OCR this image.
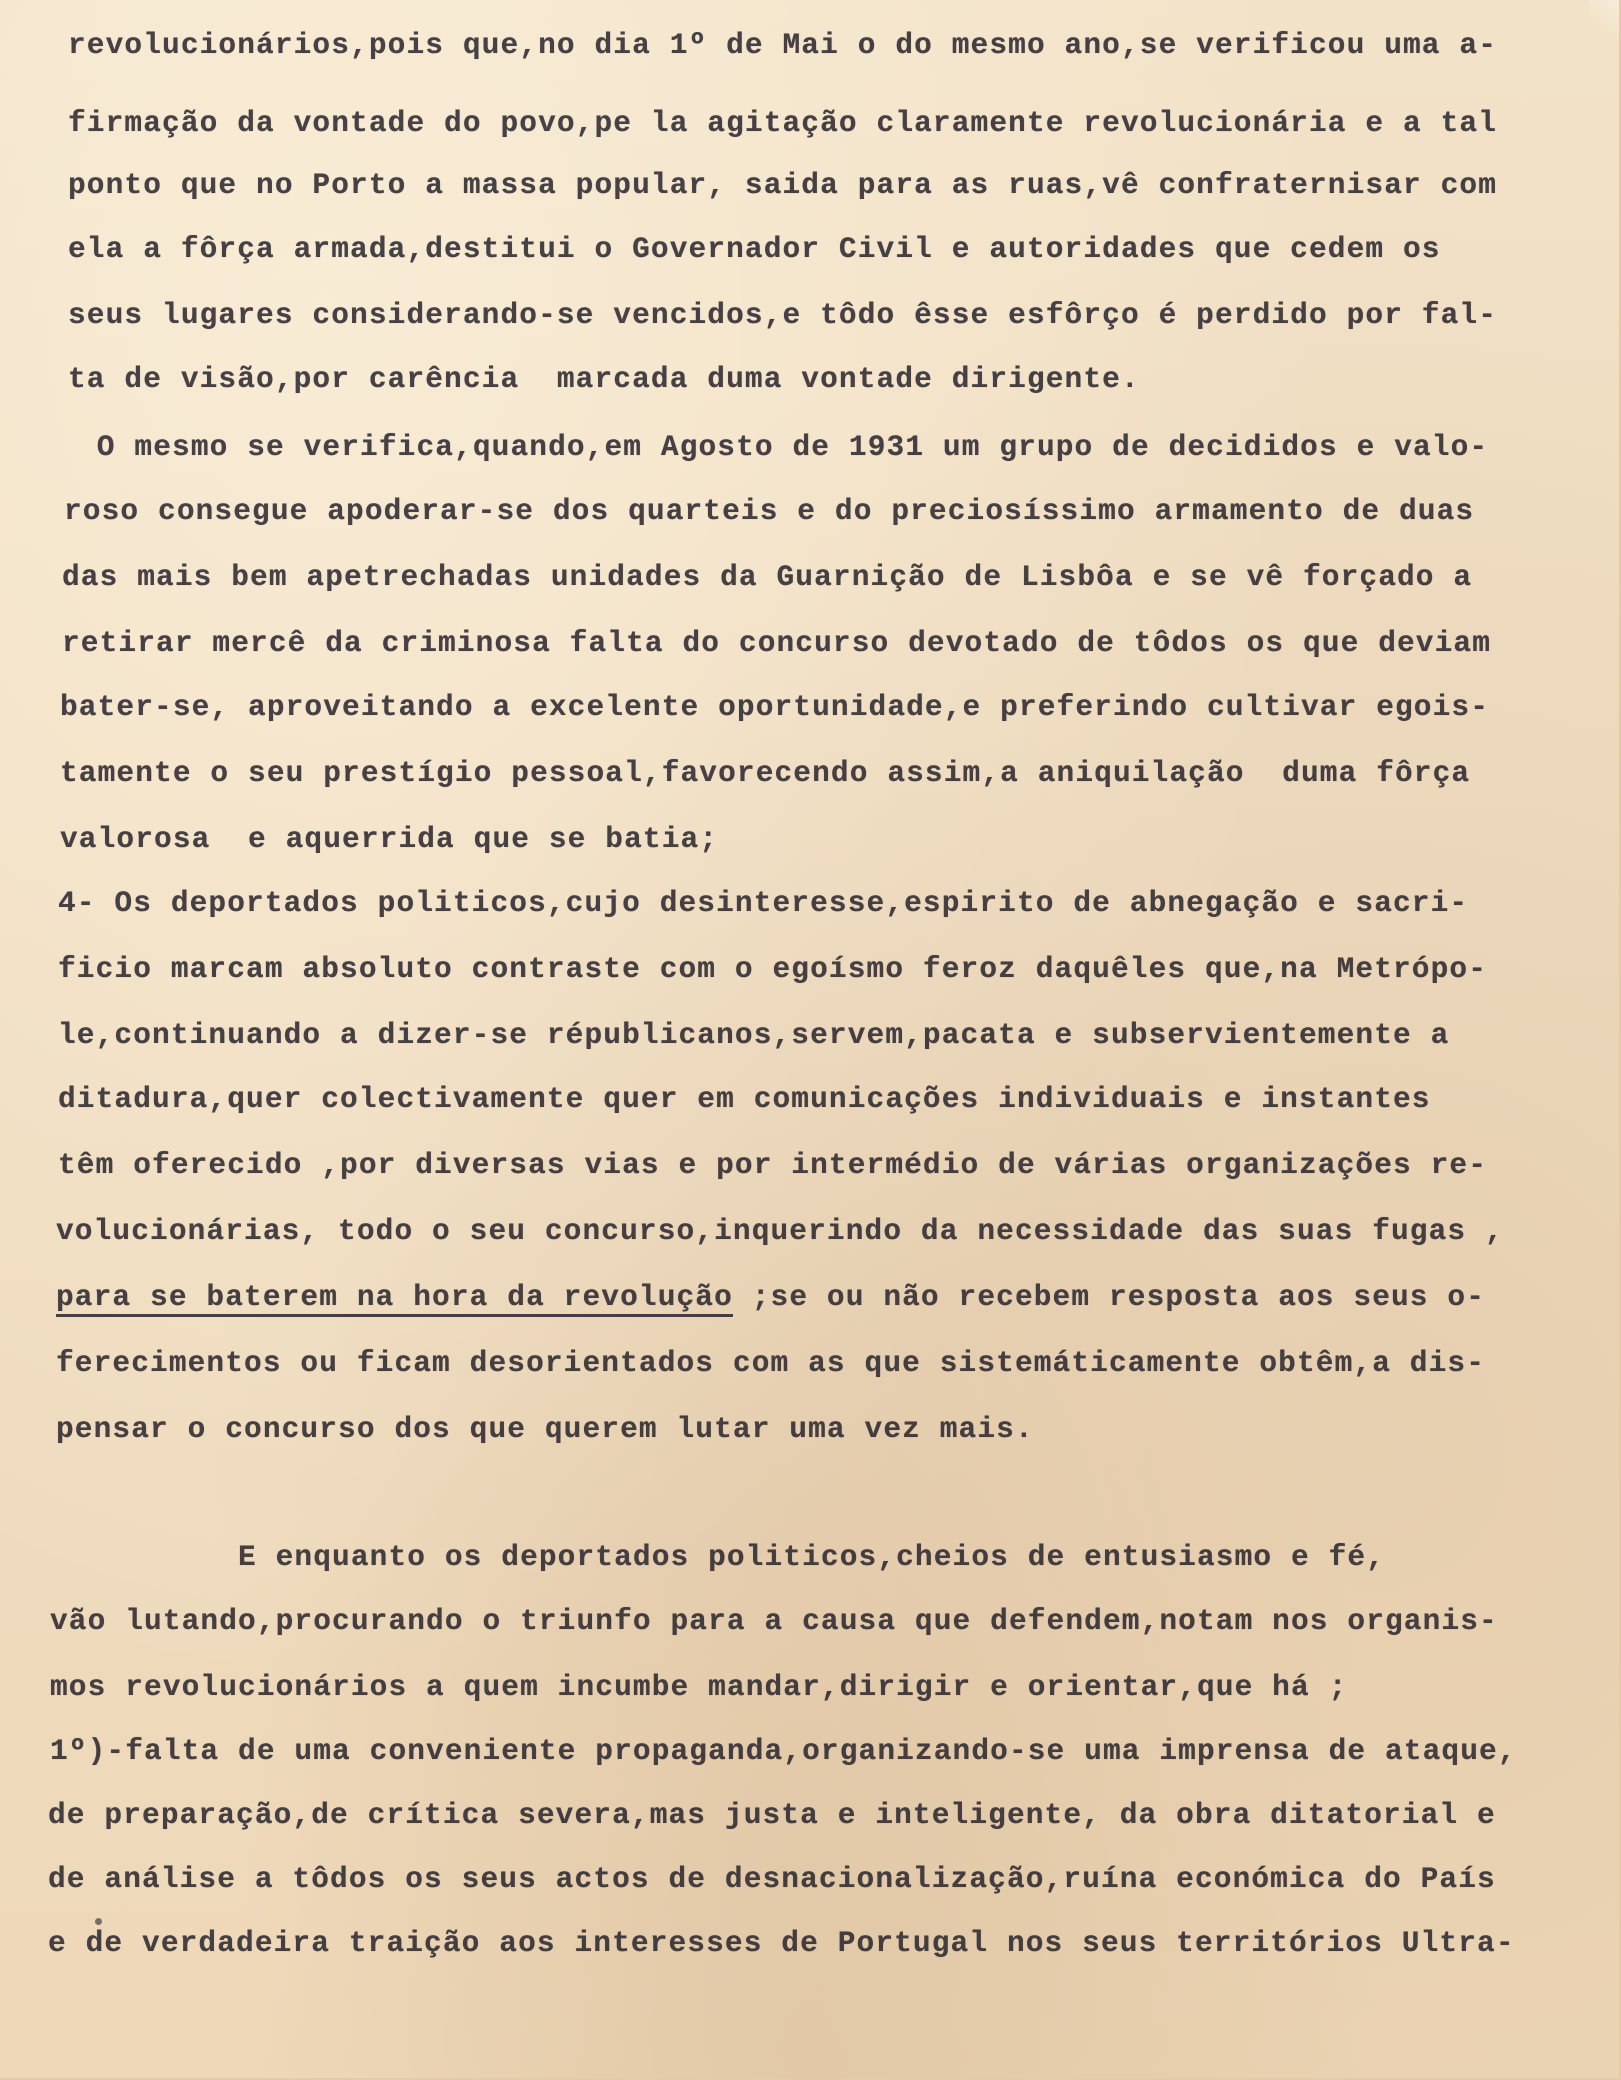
revolucionários,pois que,no dia 1º de Mai o do mesmo ano,se verificou uma a-

firmação da vontade do povo,pe la agitação claramente revolucionária e a tal

ponto que no Porto a massa popular, saida para as ruas,vê confraternisar com

ela a fôrça armada,destitui o Governador Civil e autoridades que cedem os

seus lugares considerando-se vencidos,e tôdo êsse esfôrço é perdido por fal-

ta de visão,por carência  marcada duma vontade dirigente.

O mesmo se verifica,quando,em Agosto de 1931 um grupo de decididos e valo-

roso consegue apoderar-se dos quarteis e do preciosíssimo armamento de duas

das mais bem apetrechadas unidades da Guarnição de Lisbôa e se vê forçado a

retirar mercê da criminosa falta do concurso devotado de tôdos os que deviam

bater-se, aproveitando a excelente oportunidade,e preferindo cultivar egois-

tamente o seu prestígio pessoal,favorecendo assim,a aniquilação  duma fôrça

valorosa  e aquerrida que se batia;

4- Os deportados politicos,cujo desinteresse,espirito de abnegação e sacri-

ficio marcam absoluto contraste com o egoísmo feroz daquêles que,na Metrópo-

le,continuando a dizer-se républicanos,servem,pacata e subservientemente a

ditadura,quer colectivamente quer em comunicações individuais e instantes

têm oferecido ,por diversas vias e por intermédio de várias organizações re-

volucionárias, todo o seu concurso,inquerindo da necessidade das suas fugas ,

para se baterem na hora da revolução ;se ou não recebem resposta aos seus o-

ferecimentos ou ficam desorientados com as que sistemáticamente obtêm,a dis-

pensar o concurso dos que querem lutar uma vez mais.

E enquanto os deportados politicos,cheios de entusiasmo e fé,

vão lutando,procurando o triunfo para a causa que defendem,notam nos organis-

mos revolucionários a quem incumbe mandar,dirigir e orientar,que há ;

1º)-falta de uma conveniente propaganda,organizando-se uma imprensa de ataque,

de preparação,de crítica severa,mas justa e inteligente, da obra ditatorial e

de análise a tôdos os seus actos de desnacionalização,ruína económica do País

e de verdadeira traição aos interesses de Portugal nos seus territórios Ultra-
